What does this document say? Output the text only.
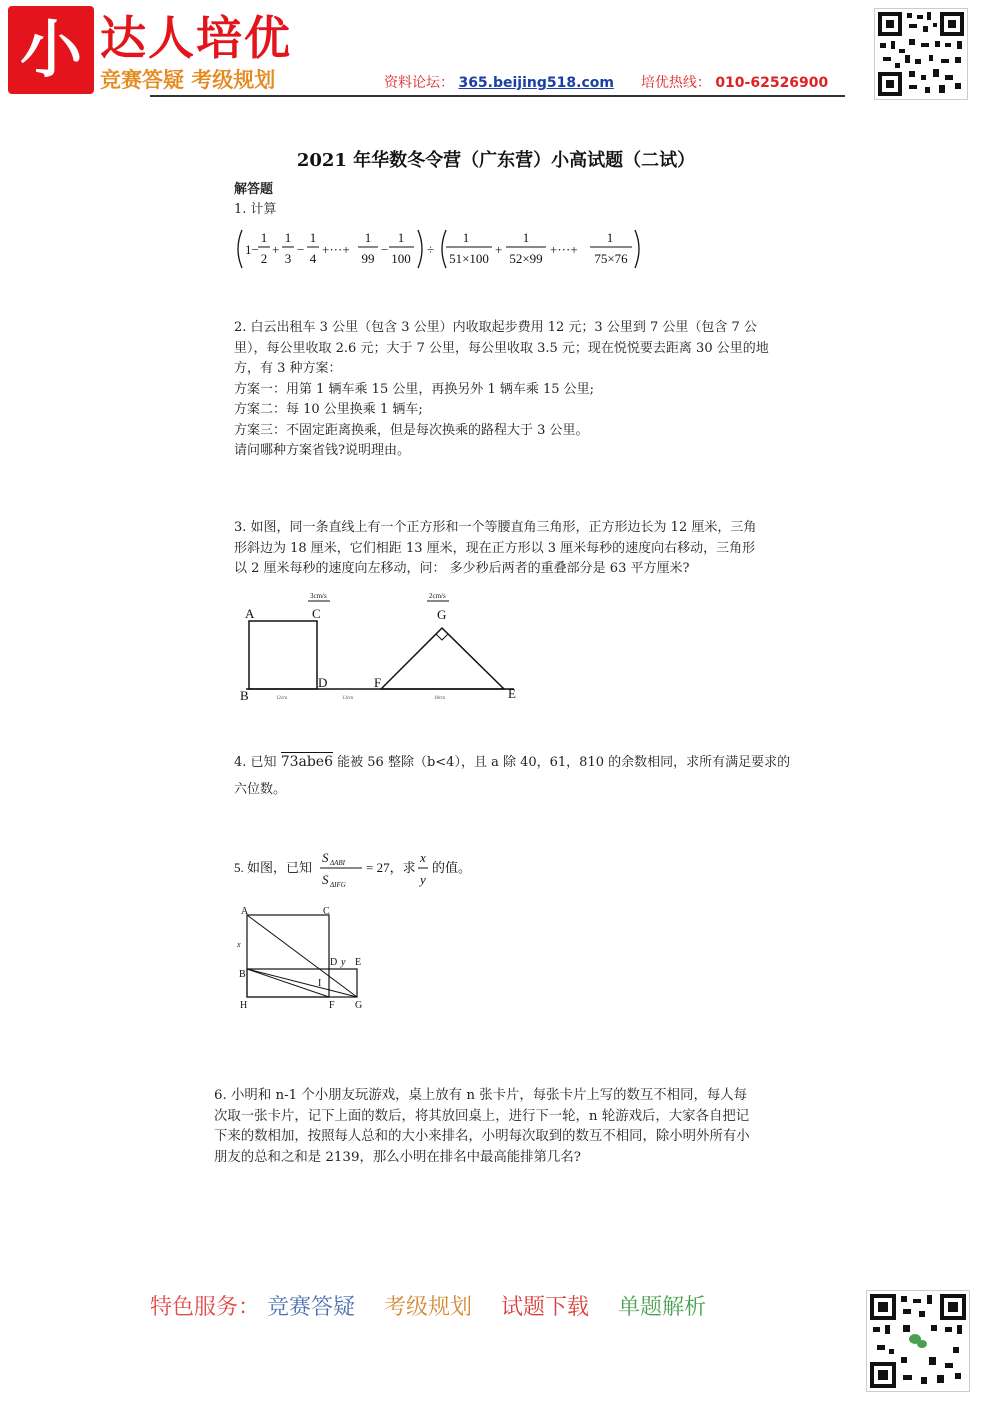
小 达人培优
竞赛答疑 考级规划	资料论坛： 365.beijing518.com 培优热线： 010-62526900
2021 年华数冬令营（广东营）小高试题（二试）
解答题
1. 计算
1−
1
2
+
1
3
−
1
4
+···+
1
99
−
1
100
÷
1
51×100
+
1
52×99
+···+
1
75×76
2. 白云出租车 3 公里（包含 3 公里）内收取起步费用 12 元；3 公里到 7 公里（包含 7 公
里），每公里收取 2.6 元；大于 7 公里，每公里收取 3.5 元；现在悦悦要去距离 30 公里的地
方，有 3 种方案：
方案一：用第 1 辆车乘 15 公里，再换另外 1 辆车乘 15 公里;
方案二：每 10 公里换乘 1 辆车;
方案三：不固定距离换乘，但是每次换乘的路程大于 3 公里。
请问哪种方案省钱?说明理由。
3. 如图，同一条直线上有一个正方形和一个等腰直角三角形，正方形边长为 12 厘米，三角
形斜边为 18 厘米，它们相距 13 厘米，现在正方形以 3 厘米每秒的速度向右移动，三角形
以 2 厘米每秒的速度向左移动，问： 多少秒后两者的重叠部分是 63 平方厘米?
3cm/s	2cm/s
A	C
B
D	F
E
G
12cm	13cm	18cm
4. 已知 73abe6 能被 56 整除（b<4），且 a 除 40，61，810 的余数相同，求所有满足要求的
六位数。
5. 如图，已知
S ΔABI
S ΔIFG
= 27，求
x
y
的值。
A	C
B
D y E
I
H	F G
x
6. 小明和 n-1 个小朋友玩游戏，桌上放有 n 张卡片，每张卡片上写的数互不相同，每人每
次取一张卡片，记下上面的数后，将其放回桌上，进行下一轮，n 轮游戏后，大家各自把记
下来的数相加，按照每人总和的大小来排名，小明每次取到的数互不相同，除小明外所有小
朋友的总和之和是 2139，那么小明在排名中最高能排第几名?
特色服务： 竞赛答疑 考级规划 试题下载 单题解析
